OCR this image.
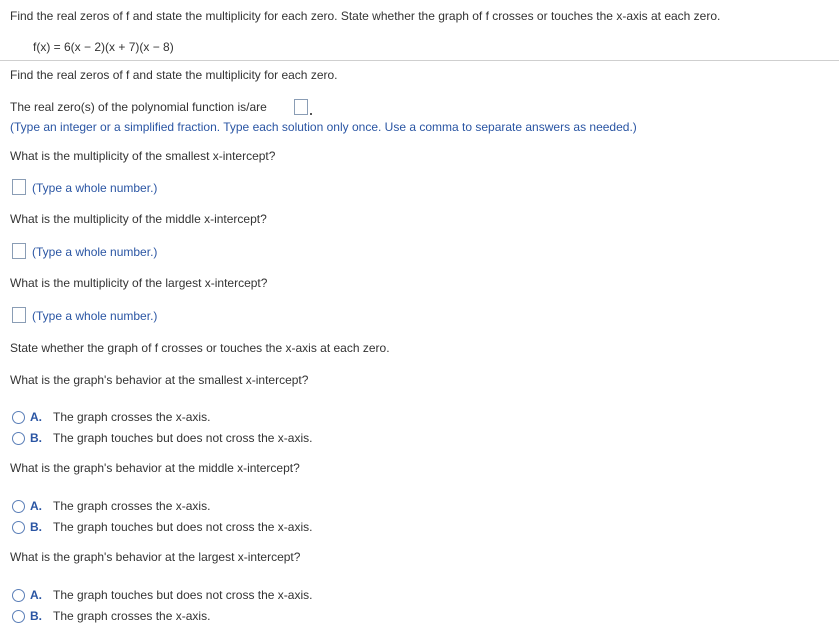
Find the real zeros of f and state the multiplicity for each zero. State whether the graph of f crosses or touches the x-axis at each zero.
f(x) = 6(x − 2)(x + 7)(x − 8)
Find the real zeros of f and state the multiplicity for each zero.
The real zero(s) of the polynomial function is/are
(Type an integer or a simplified fraction. Type each solution only once. Use a comma to separate answers as needed.)
What is the multiplicity of the smallest x-intercept?
(Type a whole number.)
What is the multiplicity of the middle x-intercept?
(Type a whole number.)
What is the multiplicity of the largest x-intercept?
(Type a whole number.)
State whether the graph of f crosses or touches the x-axis at each zero.
What is the graph's behavior at the smallest x-intercept?
A. The graph crosses the x-axis.
B. The graph touches but does not cross the x-axis.
What is the graph's behavior at the middle x-intercept?
A. The graph crosses the x-axis.
B. The graph touches but does not cross the x-axis.
What is the graph's behavior at the largest x-intercept?
A. The graph touches but does not cross the x-axis.
B. The graph crosses the x-axis.
